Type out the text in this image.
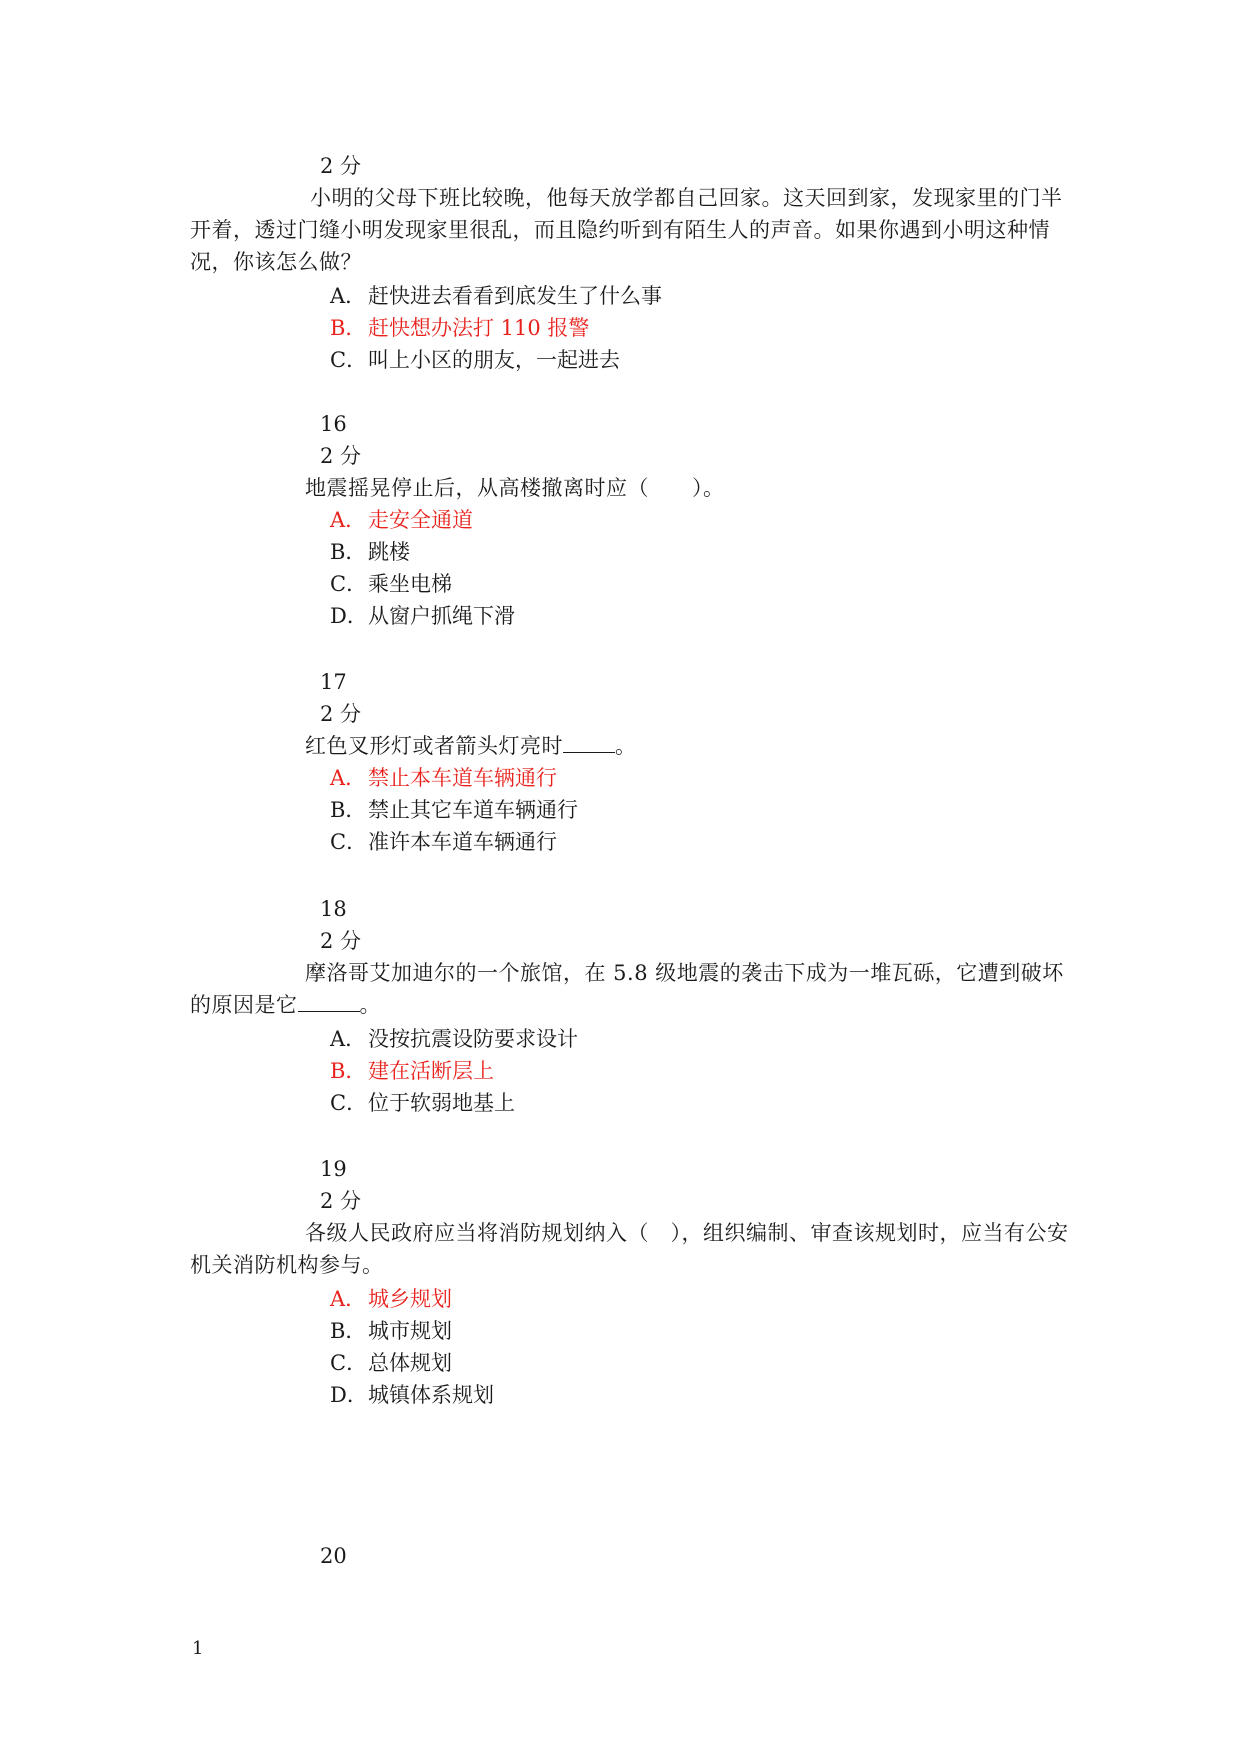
2 分
小明的父母下班比较晚，他每天放学都自己回家。这天回到家，发现家里的门半开着，透过门缝小明发现家里很乱，而且隐约听到有陌生人的声音。如果你遇到小明这种情况，你该怎么做？
A．赶快进去看看到底发生了什么事
B．赶快想办法打 110 报警
C．叫上小区的朋友，一起进去
16
2 分
地震摇晃停止后，从高楼撤离时应（　　）。
A．走安全通道
B．跳楼
C．乘坐电梯
D．从窗户抓绳下滑
17
2 分
红色叉形灯或者箭头灯亮时 。
A．禁止本车道车辆通行
B．禁止其它车道车辆通行
C．准许本车道车辆通行
18
2 分
摩洛哥艾加迪尔的一个旅馆，在 5.8 级地震的袭击下成为一堆瓦砾，它遭到破坏的原因是它	。
A．没按抗震设防要求设计
B．建在活断层上
C．位于软弱地基上
19
2 分
各级人民政府应当将消防规划纳入（　），组织编制、审查该规划时，应当有公安机关消防机构参与。
A．城乡规划
B．城市规划
C．总体规划
D．城镇体系规划
20
1
